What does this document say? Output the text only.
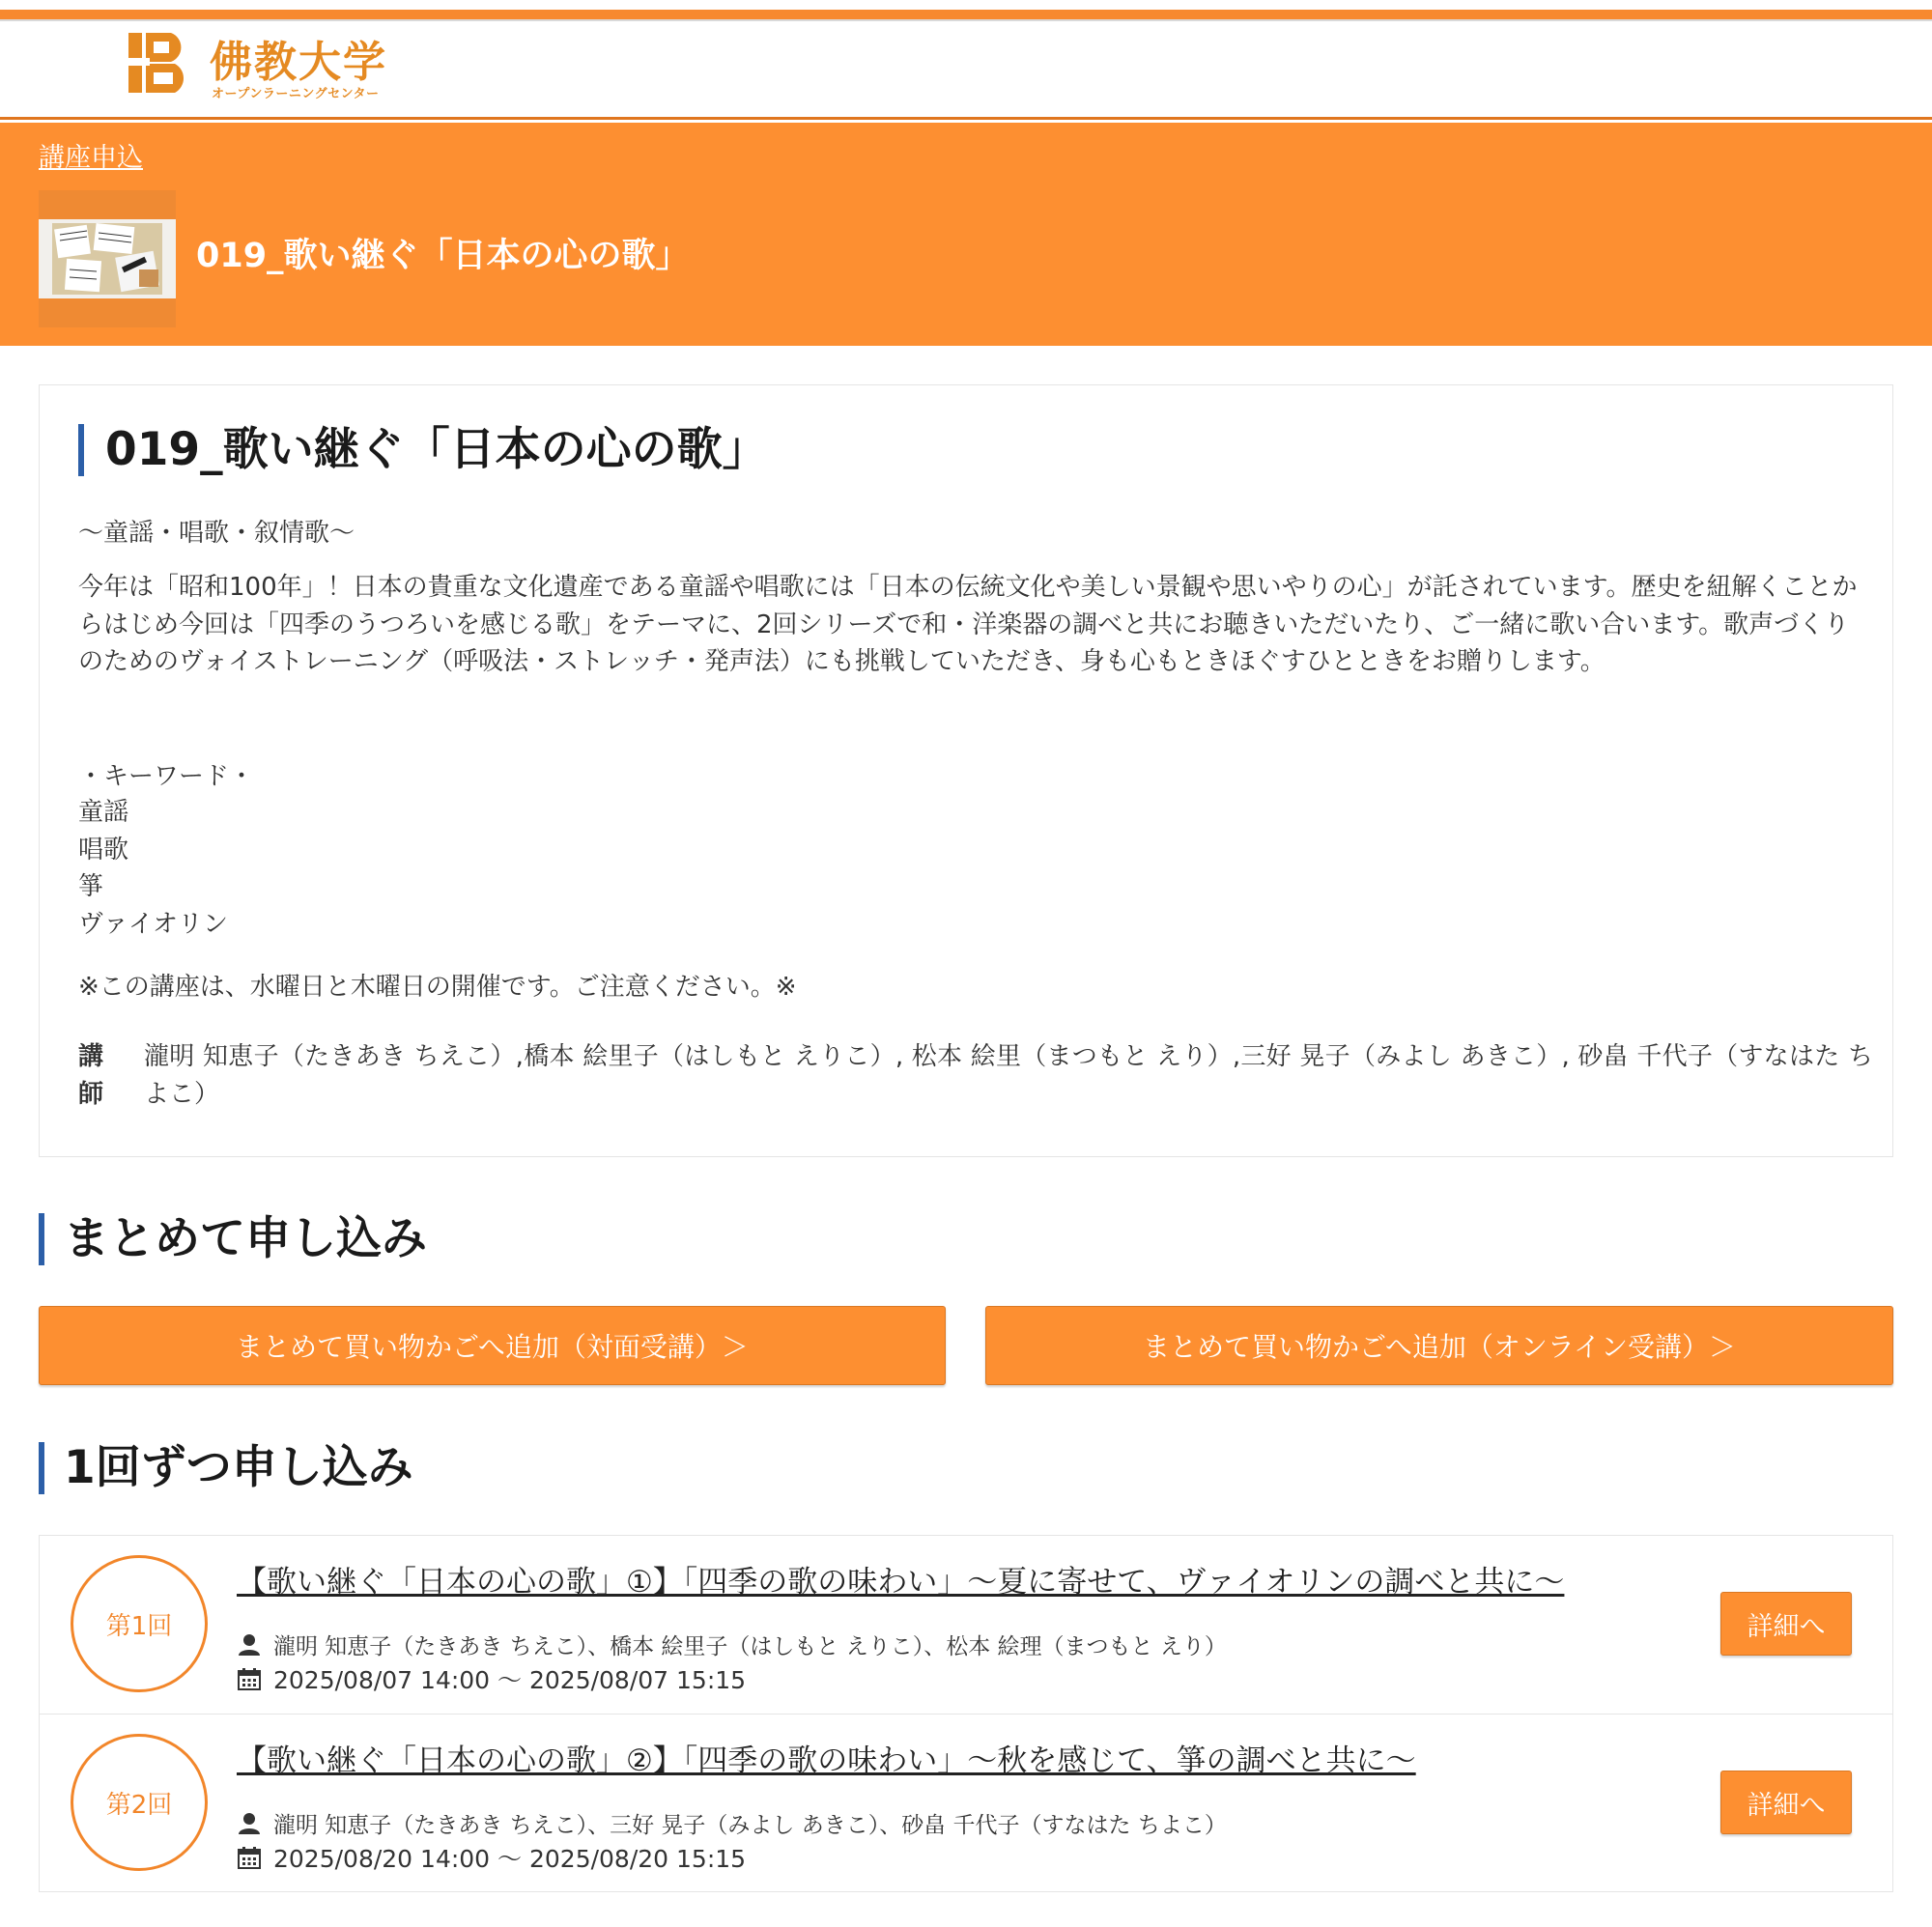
佛教大学
オープンラーニングセンター
講座申込
019_歌い継ぐ「日本の心の歌」
019_歌い継ぐ「日本の心の歌」

〜童謡・唱歌・叙情歌〜

今年は「昭和100年」！日本の貴重な文化遺産である童謡や唱歌には「日本の伝統文化や美しい景観や思いやりの心」が託されています。歴史を紐解くことからはじめ今回は「四季のうつろいを感じる歌」をテーマに、2回シリーズで和・洋楽器の調べと共にお聴きいただいたり、ご一緒に歌い合います。歌声づくりのためのヴォイストレーニング（呼吸法・ストレッチ・発声法）にも挑戦していただき、身も心もときほぐすひとときをお贈りします。

・キーワード・

童謡
唱歌
箏
ヴァイオリン

※この講座は、水曜日と木曜日の開催です。ご注意ください。※

講師
瀧明 知恵子（たきあき ちえこ）,橋本 絵里子（はしもと えりこ）, 松本 絵里（まつもと えり）,三好 晃子（みよし あきこ）, 砂畠 千代子（すなはた ちよこ）
まとめて申し込み
まとめて買い物かごへ追加（対面受講）＞	まとめて買い物かごへ追加（オンライン受講）＞
1回ずつ申し込み
第1回
【歌い継ぐ「日本の心の歌」①】「四季の歌の味わい」〜夏に寄せて、ヴァイオリンの調べと共に〜
瀧明 知恵子（たきあき ちえこ）、橋本 絵里子（はしもと えりこ）、松本 絵理（まつもと えり）
2025/08/07 14:00 〜 2025/08/07 15:15
詳細へ
第2回
【歌い継ぐ「日本の心の歌」②】「四季の歌の味わい」〜秋を感じて、箏の調べと共に〜
瀧明 知恵子（たきあき ちえこ）、三好 晃子（みよし あきこ）、砂畠 千代子（すなはた ちよこ）
2025/08/20 14:00 〜 2025/08/20 15:15
詳細へ
